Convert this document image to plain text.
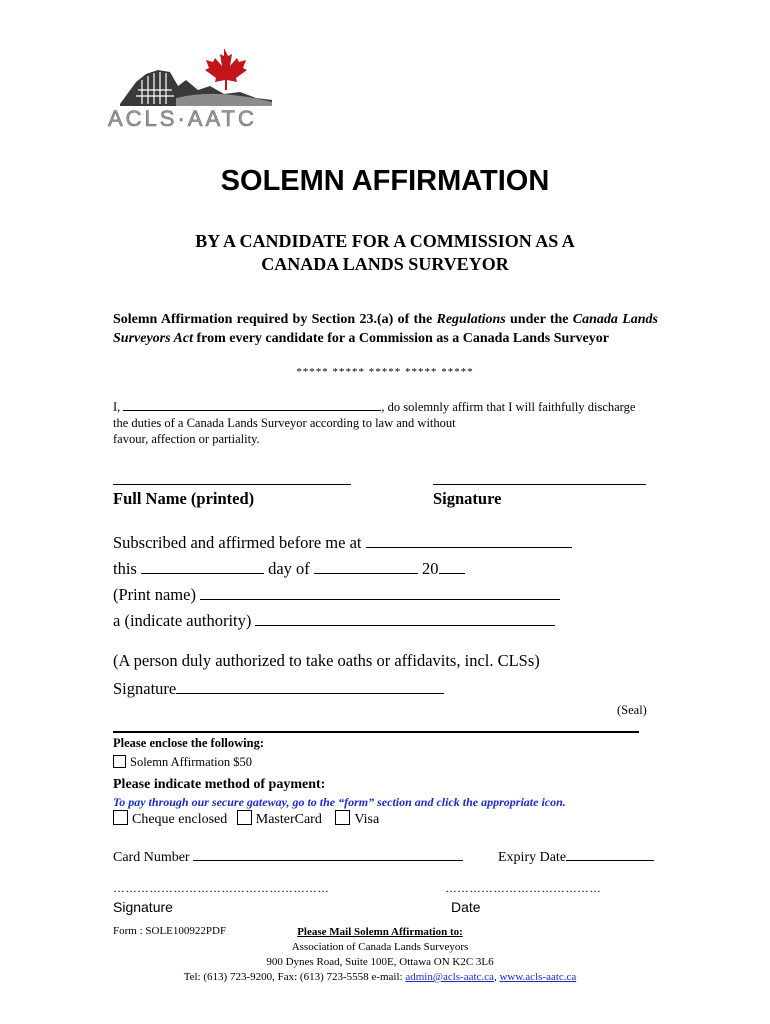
ACLS·AATC
SOLEMN AFFIRMATION
BY A CANDIDATE FOR A COMMISSION AS A
CANADA LANDS SURVEYOR
Solemn Affirmation required by Section 23.(a) of the Regulations under the Canada Lands Surveyors Act from every candidate for a Commission as a Canada Lands Surveyor
***** ***** ***** ***** *****
I,	, do solemnly affirm that I will faithfully discharge
the duties of a Canada Lands Surveyor according to law and without
favour, affection or partiality.
Full Name (printed)	Signature
Subscribed and affirmed before me at
this	day of	20
(Print name)
a (indicate authority)
(A person duly authorized to take oaths or affidavits, incl. CLSs)
Signature
(Seal)
Please enclose the following:
Solemn Affirmation $50
Please indicate method of payment:
To pay through our secure gateway, go to the “form” section and click the appropriate icon.
Cheque enclosed MasterCard Visa
Card Number	Expiry Date
………………………………………………	…………………………………
Signature	Date
Form : SOLE100922PDF	Please Mail Solemn Affirmation to:
Association of Canada Lands Surveyors
900 Dynes Road, Suite 100E, Ottawa ON K2C 3L6
Tel: (613) 723-9200, Fax: (613) 723-5558 e-mail: admin@acls-aatc.ca, www.acls-aatc.ca
